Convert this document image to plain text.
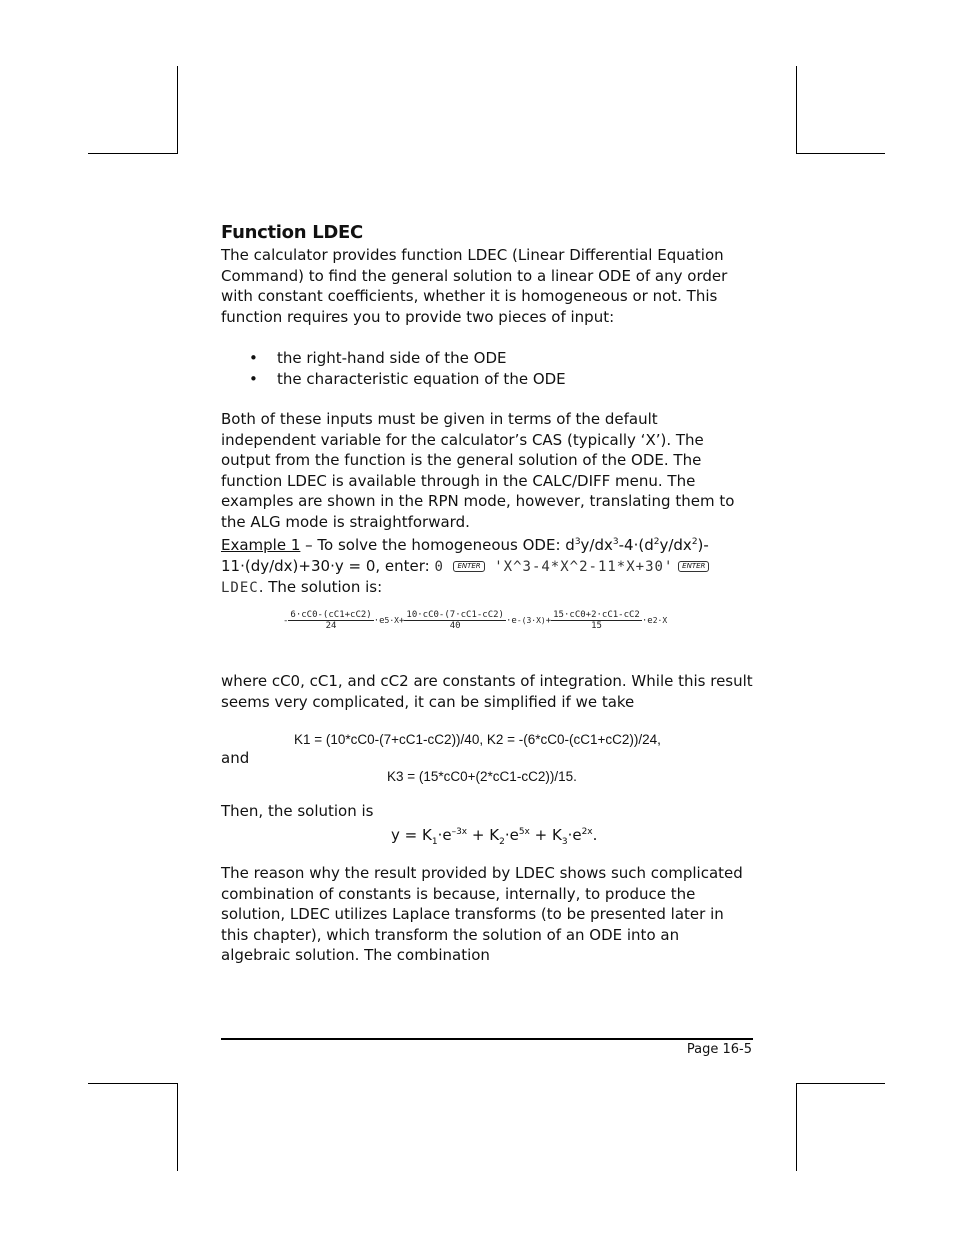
Function LDEC

The calculator provides function LDEC (Linear Differential Equation Command) to find the general solution to a linear ODE of any order with constant coefficients, whether it is homogeneous or not. This function requires you to provide two pieces of input:

• the right-hand side of the ODE
• the characteristic equation of the ODE

Both of these inputs must be given in terms of the default independent variable for the calculator’s CAS (typically ‘X’). The output from the function is the general solution of the ODE. The function LDEC is available through in the CALC/DIFF menu. The examples are shown in the RPN mode, however, translating them to the ALG mode is straightforward.

Example 1 – To solve the homogeneous ODE: $d^3y/dx^3-4\cdot(d^2y/dx^2)-$
11·(dy/dx)+30·y = 0, enter: 0 ENTER 'X^3-4*X^2-11*X+30' ENTER
LDEC. The solution is:
- $\frac{6\cdot cC0-(cC1+cC2)}{24} \cdot e5\cdot X+ \frac{10\cdot cC0-(7\cdot cC1-cC2)}{40} \cdot e-(3\cdot X)+ \frac{15\cdot cC0+2\cdot cC1-cC2}{15} \cdot e2\cdot X$

where cC0, cC1, and cC2 are constants of integration. While this result seems very complicated, it can be simplified if we take

K1 = (10*cC0-(7+cC1-cC2))/40, K2 = -(6*cC0-(cC1+cC2))/24,
and
K3 = (15*cC0+(2*cC1-cC2))/15.
Then, the solution is
$y = K_1\cdot e^{-3x} + K_2\cdot e^{5x} + K_3\cdot e^{2x}$.

The reason why the result provided by LDEC shows such complicated combination of constants is because, internally, to produce the solution, LDEC utilizes Laplace transforms (to be presented later in this chapter), which transform the solution of an ODE into an algebraic solution. The combination

Page 16-5
